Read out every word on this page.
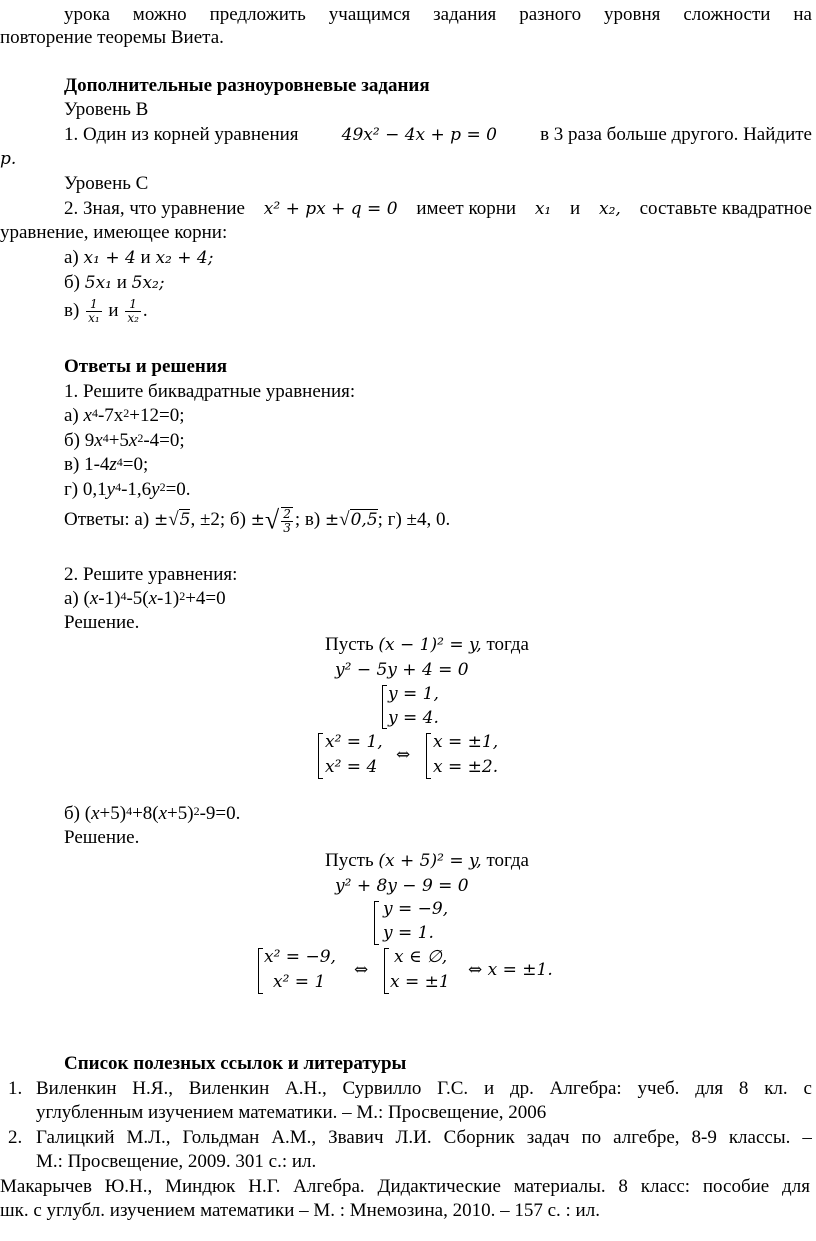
урока можно предложить учащимся задания разного уровня сложности на
повторение теоремы Виета.
Дополнительные разноуровневые задания
Уровень В
1. Один из корней уравнения	49x² − 4x + p = 0 в 3 раза больше другого. Найдите
p.
Уровень С
2. Зная, что уравнение x² + px + q = 0 имеет корни x₁ и x₂, составьте квадратное
уравнение, имеющее корни:
а) x₁ + 4 и x₂ + 4;
б) 5x₁ и 5x₂;
$в) \frac{1}{\text{x₁}}$ и $\frac{1}{\text{x₂}}$ .
Ответы и решения
1. Решите биквадратные уравнения:
а) $x^4-7x^2+12=0$;
б) $9x^4+5x^2-4=0$;
в) $1-4z^4=0$;
г) $0,1y^4-1,6y^2=0$.
Ответы: а) ±√5, ±2; б) ±√ $\frac{2}{3}$ ; в) ±√0,5; г) ±4, 0.
2. Решите уравнения:
а) $(x-1)^4-5(x-1)^2+4=0$
Решение.
Пусть (x − 1)² = y, тогда
y² − 5y + 4 = 0
y = 1,
y = 4.
x² = 1,
x² = 4
⇔
x = ±1,
x = ±2.
б) $(x+5)^4+8(x+5)^2-9=0$.
Решение.
Пусть (x + 5)² = y, тогда
y² + 8y − 9 = 0
y = −9,
y = 1.
x² = −9,
x² = 1
⇔
x ∈ ∅,
x = ±1
⇔ x = ±1.
Список полезных ссылок и литературы
1. Виленкин Н.Я., Виленкин А.Н., Сурвилло Г.С. и др. Алгебра: учеб. для 8 кл. с
углубленным изучением математики. – М.: Просвещение, 2006
2. Галицкий М.Л., Гольдман А.М., Звавич Л.И. Сборник задач по алгебре, 8-9 классы. –
М.: Просвещение, 2009. 301 с.: ил.
Макарычев Ю.Н., Миндюк Н.Г. Алгебра. Дидактические материалы. 8 класс: пособие для
шк. с углубл. изучением математики – М. : Мнемозина, 2010. – 157 с. : ил.
